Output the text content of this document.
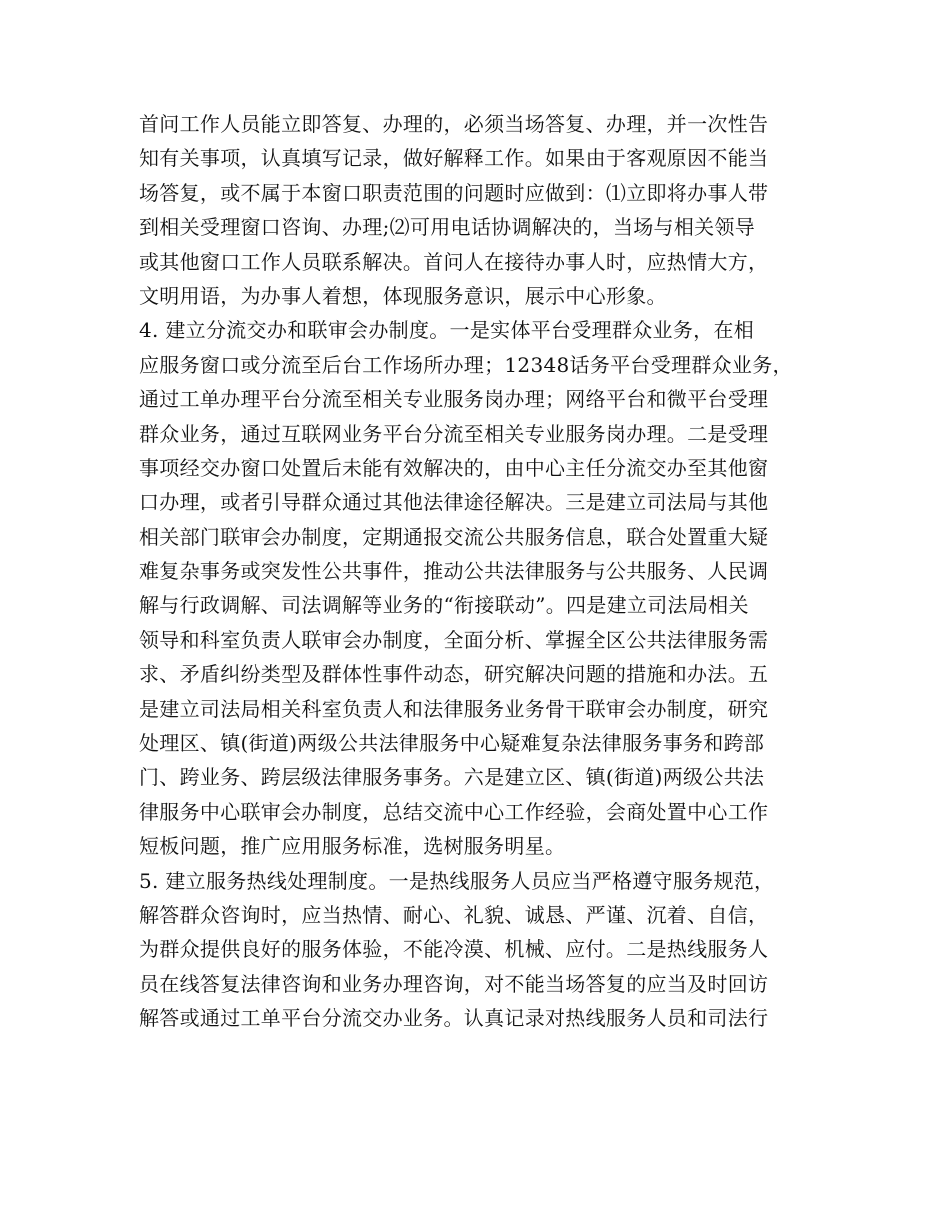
首问工作人员能立即答复、办理的，必须当场答复、办理，并一次性告
知有关事项，认真填写记录，做好解释工作。如果由于客观原因不能当
场答复，或不属于本窗口职责范围的问题时应做到：⑴立即将办事人带
到相关受理窗口咨询、办理;⑵可用电话协调解决的，当场与相关领导
或其他窗口工作人员联系解决。首问人在接待办事人时，应热情大方，
文明用语，为办事人着想，体现服务意识，展示中心形象。
4. 建立分流交办和联审会办制度。一是实体平台受理群众业务，在相
应服务窗口或分流至后台工作场所办理；12348话务平台受理群众业务，
通过工单办理平台分流至相关专业服务岗办理；网络平台和微平台受理
群众业务，通过互联网业务平台分流至相关专业服务岗办理。二是受理
事项经交办窗口处置后未能有效解决的，由中心主任分流交办至其他窗
口办理，或者引导群众通过其他法律途径解决。三是建立司法局与其他
相关部门联审会办制度，定期通报交流公共服务信息，联合处置重大疑
难复杂事务或突发性公共事件，推动公共法律服务与公共服务、人民调
解与行政调解、司法调解等业务的“衔接联动”。四是建立司法局相关
领导和科室负责人联审会办制度，全面分析、掌握全区公共法律服务需
求、矛盾纠纷类型及群体性事件动态，研究解决问题的措施和办法。五
是建立司法局相关科室负责人和法律服务业务骨干联审会办制度，研究
处理区、镇(街道)两级公共法律服务中心疑难复杂法律服务事务和跨部
门、跨业务、跨层级法律服务事务。六是建立区、镇(街道)两级公共法
律服务中心联审会办制度，总结交流中心工作经验，会商处置中心工作
短板问题，推广应用服务标准，选树服务明星。
5. 建立服务热线处理制度。一是热线服务人员应当严格遵守服务规范，
解答群众咨询时，应当热情、耐心、礼貌、诚恳、严谨、沉着、自信，
为群众提供良好的服务体验，不能冷漠、机械、应付。二是热线服务人
员在线答复法律咨询和业务办理咨询，对不能当场答复的应当及时回访
解答或通过工单平台分流交办业务。认真记录对热线服务人员和司法行
